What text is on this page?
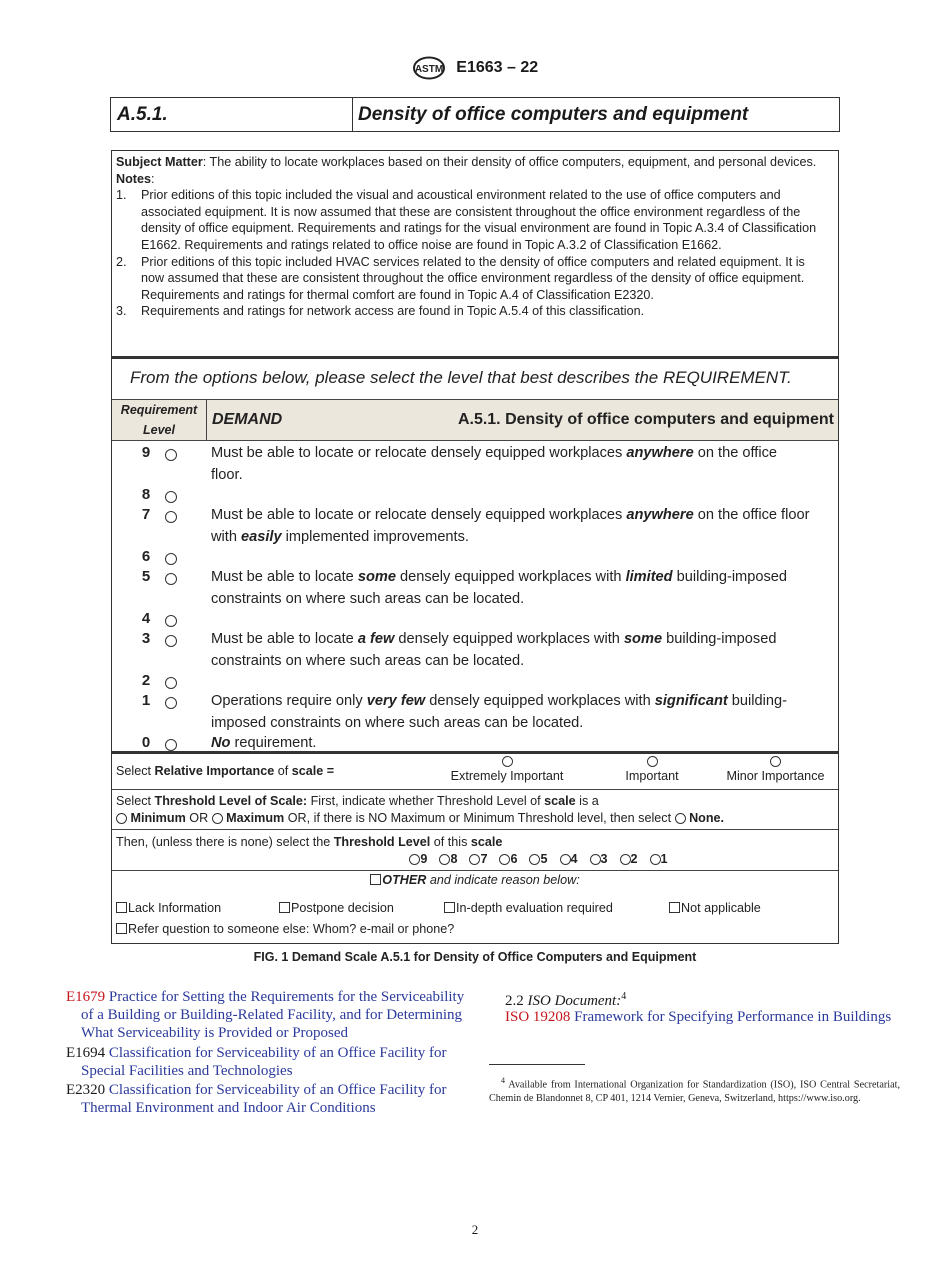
ASTM E1663 – 22
A.5.1.	Density of office computers and equipment
Subject Matter: The ability to locate workplaces based on their density of office computers, equipment, and personal devices.
Notes:
1.	Prior editions of this topic included the visual and acoustical environment related to the use of office computers and associated equipment. It is now assumed that these are consistent throughout the office environment regardless of the density of office equipment. Requirements and ratings for the visual environment are found in Topic A.3.4 of Classification E1662. Requirements and ratings related to office noise are found in Topic A.3.2 of Classification E1662.
2.	Prior editions of this topic included HVAC services related to the density of office computers and related equipment. It is now assumed that these are consistent throughout the office environment regardless of the density of office equipment. Requirements and ratings for thermal comfort are found in Topic A.4 of Classification E2320.
3.	Requirements and ratings for network access are found in Topic A.5.4 of this classification.
From the options below, please select the level that best describes the REQUIREMENT.
Requirement
Level
DEMAND	A.5.1. Density of office computers and equipment
9	Must be able to locate or relocate densely equipped workplaces anywhere on the office floor.
8
7	Must be able to locate or relocate densely equipped workplaces anywhere on the office floor with easily implemented improvements.
6
5	Must be able to locate some densely equipped workplaces with limited building-imposed constraints on where such areas can be located.
4
3	Must be able to locate a few densely equipped workplaces with some building-imposed constraints on where such areas can be located.
2
1	Operations require only very few densely equipped workplaces with significant building-imposed constraints on where such areas can be located.
0	No requirement.
Select Relative Importance of scale =	Extremely Important	Important	Minor Importance
Select Threshold Level of Scale: First, indicate whether Threshold Level of scale is a
Minimum OR  Maximum OR, if there is NO Maximum or Minimum Threshold level, then select  None.
Then, (unless there is none) select the Threshold Level of this scale
9 8 7 6 5 4 3 2 1
OTHER and indicate reason below:
Lack Information	Postpone decision	In-depth evaluation required	Not applicable
Refer question to someone else: Whom? e-mail or phone?
FIG. 1 Demand Scale A.5.1 for Density of Office Computers and Equipment
E1679 Practice for Setting the Requirements for the Serviceability of a Building or Building-Related Facility, and for Determining What Serviceability is Provided or Proposed
E1694 Classification for Serviceability of an Office Facility for Special Facilities and Technologies
E2320 Classification for Serviceability of an Office Facility for Thermal Environment and Indoor Air Conditions
2.2 ISO Document:$^4$
ISO 19208 Framework for Specifying Performance in Buildings
$^4$ Available from International Organization for Standardization (ISO), ISO Central Secretariat, Chemin de Blandonnet 8, CP 401, 1214 Vernier, Geneva, Switzerland, https://www.iso.org.
2
